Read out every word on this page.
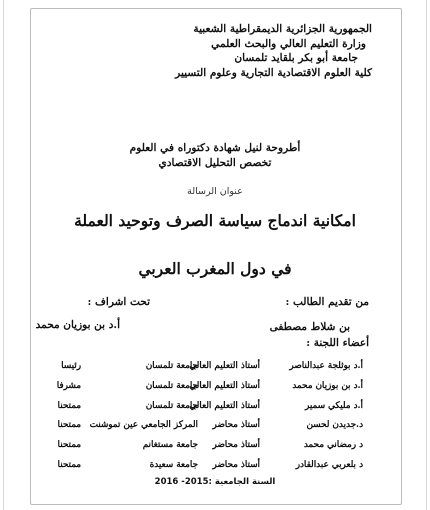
الجمهورية الجزائرية الديمقراطية الشعبية
وزارة التعليم العالي والبحث العلمي
جامعة أبو بكر بلقايد تلمسان
كلية العلوم الاقتصادية التجارية وعلوم التسيير
أطروحة لنيل شهادة دكتوراه في العلوم
تخصص التحليل الاقتصادي
عنوان الرسالة
امكانية اندماج سياسة الصرف وتوحيد العملة
في دول المغرب العربي
من تقديم الطالب :
تحت اشراف :
بن شلاط مصطفى
أ.د بن بوزيان محمد
أعضاء اللجنة :
أ.د بوثلجة عبدالناصر
أستاذ التعليم العالي
جامعة تلمسان
رئيسا
أ.د بن بوزيان محمد
أستاذ التعليم العالي
جامعة تلمسان
مشرفا
أ.د مليكي سمير
أستاذ التعليم العالي
جامعة تلمسان
ممتحنا
د.جديدن لحسن
أستاذ محاضر
المركز الجامعي عين تموشنت
ممتحنا
د رمضاني محمد
أستاذ محاضر
جامعة مستغانم
ممتحنا
د بلعربي عبدالقادر
أستاذ محاضر
جامعة سعيدة
ممتحنا
السنة الجامعية :2015- 2016
